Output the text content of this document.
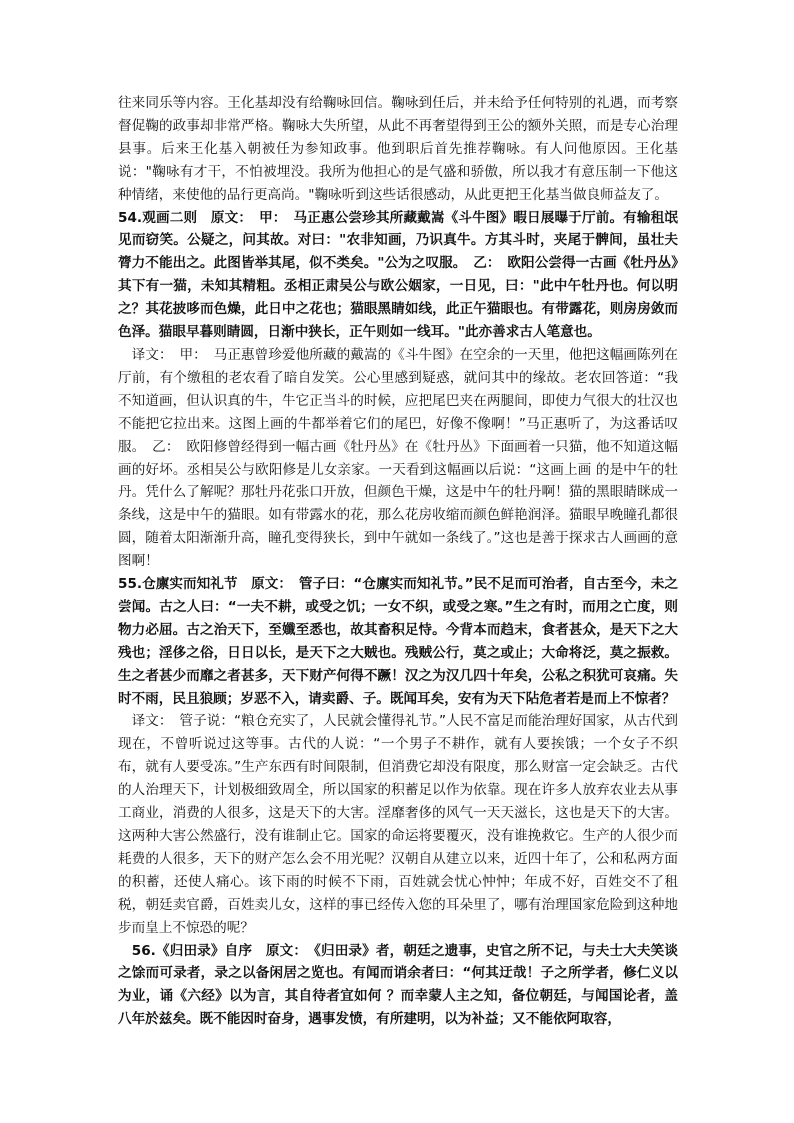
往来同乐等内容。王化基却没有给鞠咏回信。鞠咏到任后，并未给予任何特别的礼遇，而考察督促鞠的政事却非常严格。鞠咏大失所望，从此不再奢望得到王公的额外关照，而是专心治理县事。后来王化基入朝被任为参知政事。他到职后首先推荐鞠咏。有人问他原因。王化基说："鞠咏有才干，不怕被埋没。我所为他担心的是气盛和骄傲，所以我才有意压制一下他这种情绪，来使他的品行更高尚。"鞠咏听到这些话很感动，从此更把王化基当做良师益友了。

54.观画二则　原文：　甲：　马正惠公尝珍其所藏戴嵩《斗牛图》暇日展曝于厅前。有输租氓见而窃笑。公疑之，问其故。对曰："农非知画，乃识真牛。方其斗时，夹尾于髀间，虽壮夫膂力不能出之。此图皆举其尾，似不类矣。"公为之叹服。　乙：　欧阳公尝得一古画《牡丹丛》其下有一猫，未知其精粗。丞相正肃吴公与欧公姻家，一日见，曰："此中午牡丹也。何以明之？其花披哆而色燥，此日中之花也；猫眼黑睛如线，此正午猫眼也。有带露花，则房房敛而色泽。猫眼早暮则睛圆，日渐中狭长，正午则如一线耳。"此亦善求古人笔意也。

　译文：　甲：　马正惠曾珍爱他所藏的戴嵩的《斗牛图》在空余的一天里，他把这幅画陈列在厅前，有个缴租的老农看了暗自发笑。公心里感到疑惑，就问其中的缘故。老农回答道：“我不知道画，但认识真的牛，牛它正当斗的时候，应把尾巴夹在两腿间，即使力气很大的壮汉也不能把它拉出来。这图上画的牛都举着它们的尾巴，好像不像啊！”马正惠听了，为这番话叹服。　乙：　欧阳修曾经得到一幅古画《牡丹丛》在《牡丹丛》下面画着一只猫，他不知道这幅画的好坏。丞相吴公与欧阳修是儿女亲家。一天看到这幅画以后说：“这画上画 的是中午的牡丹。凭什么了解呢？那牡丹花张口开放，但颜色干燥，这是中午的牡丹啊！猫的黑眼睛眯成一条线，这是中午的猫眼。如有带露水的花，那么花房收缩而颜色鲜艳润泽。猫眼早晚瞳孔都很圆，随着太阳渐渐升高，瞳孔变得狭长，到中午就如一条线了。”这也是善于探求古人画画的意图啊！

55.仓廪实而知礼节　原文：　管子曰：“仓廪实而知礼节。”民不足而可治者，自古至今，未之尝闻。古之人曰：“一夫不耕，或受之饥；一女不织，或受之寒。”生之有时，而用之亡度，则物力必屈。古之治天下，至孅至悉也，故其畜积足恃。今背本而趋末，食者甚众，是天下之大残也；淫侈之俗，日日以长，是天下之大贼也。残贼公行，莫之或止；大命将泛，莫之振救。生之者甚少而靡之者甚多，天下财产何得不蹶！汉之为汉几四十年矣，公私之积犹可哀痛。失时不雨，民且狼顾；岁恶不入，请卖爵、子。既闻耳矣，安有为天下阽危者若是而上不惊者？

　译文：　管子说：“粮仓充实了，人民就会懂得礼节。”人民不富足而能治理好国家，从古代到现在，不曾听说过这等事。古代的人说：“一个男子不耕作，就有人要挨饿；一个女子不织布，就有人要受冻。”生产东西有时间限制，但消费它却没有限度，那么财富一定会缺乏。古代的人治理天下，计划极细致周全，所以国家的积蓄足以作为依靠。现在许多人放弃农业去从事工商业，消费的人很多，这是天下的大害。淫靡奢侈的风气一天天滋长，这也是天下的大害。这两种大害公然盛行，没有谁制止它。国家的命运将要覆灭，没有谁挽救它。生产的人很少而耗费的人很多，天下的财产怎么会不用光呢？汉朝自从建立以来，近四十年了，公和私两方面的积蓄，还使人痛心。该下雨的时候不下雨，百姓就会忧心忡忡；年成不好，百姓交不了租税，朝廷卖官爵，百姓卖儿女，这样的事已经传入您的耳朵里了，哪有治理国家危险到这种地步而皇上不惊恐的呢？

　56.《归田录》自序　原文：　《归田录》者，朝廷之遗事，史官之所不记，与夫士大夫笑谈之馀而可录者，录之以备闲居之览也。有闻而诮余者曰：“何其迂哉！子之所学者，修仁义以为业，诵《六经》以为言，其自待者宜如何 ？而幸蒙人主之知，备位朝廷，与闻国论者，盖八年於兹矣。既不能因时奋身，遇事发愤，有所建明，以为补益；又不能依阿取容，
